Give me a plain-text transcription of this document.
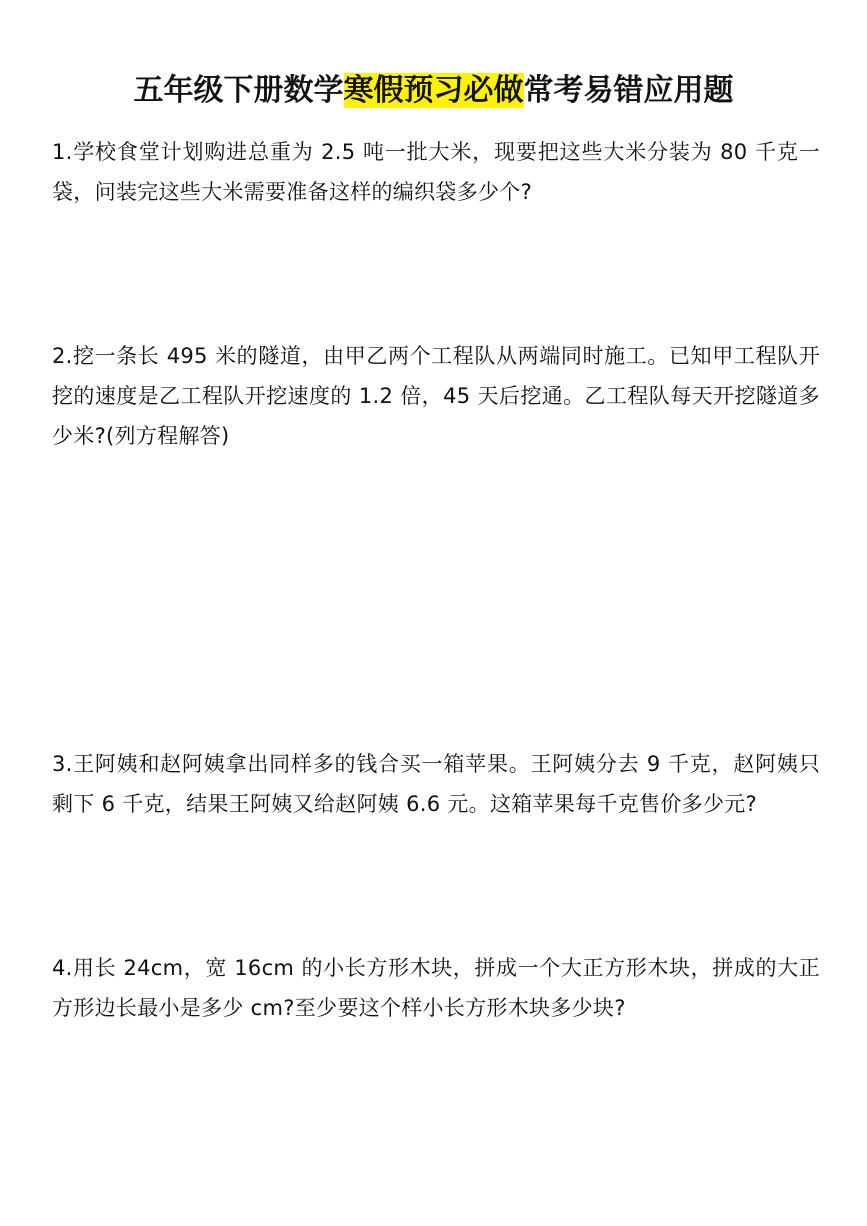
五年级下册数学寒假预习必做常考易错应用题
1.学校食堂计划购进总重为 2.5 吨一批大米，现要把这些大米分装为 80 千克一袋，问装完这些大米需要准备这样的编织袋多少个?
2.挖一条长 495 米的隧道，由甲乙两个工程队从两端同时施工。已知甲工程队开挖的速度是乙工程队开挖速度的 1.2 倍，45 天后挖通。乙工程队每天开挖隧道多少米?(列方程解答)
3.王阿姨和赵阿姨拿出同样多的钱合买一箱苹果。王阿姨分去 9 千克，赵阿姨只剩下 6 千克，结果王阿姨又给赵阿姨 6.6 元。这箱苹果每千克售价多少元?
4.用长 24cm，宽 16cm 的小长方形木块，拼成一个大正方形木块，拼成的大正方形边长最小是多少 cm?至少要这个样小长方形木块多少块?
